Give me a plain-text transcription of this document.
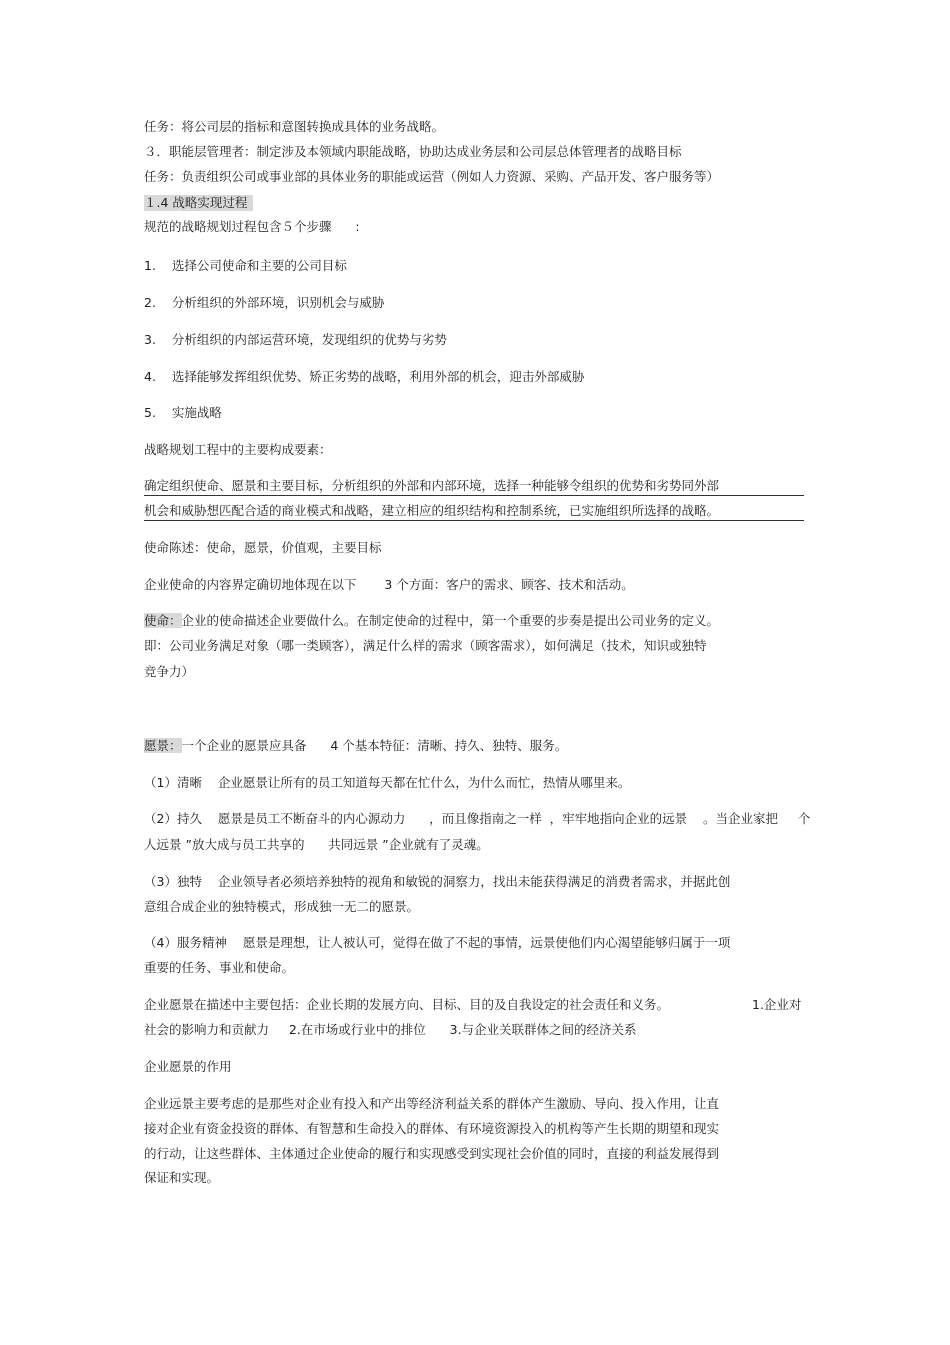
任务：将公司层的指标和意图转换成具体的业务战略。
３．职能层管理者：制定涉及本领域内职能战略，协助达成业务层和公司层总体管理者的战略目标
任务：负责组织公司或事业部的具体业务的职能或运营（例如人力资源、采购、产品开发、客户服务等）
１.4 战略实现过程
规范的战略规划过程包含５个步骤      :
1.    选择公司使命和主要的公司目标
2.    分析组织的外部环境，识别机会与威胁
3.    分析组织的内部运营环境，发现组织的优势与劣势
4.    选择能够发挥组织优势、矫正劣势的战略，利用外部的机会，迎击外部威胁
5.    实施战略
战略规划工程中的主要构成要素：
确定组织使命、愿景和主要目标，分析组织的外部和内部环境，选择一种能够令组织的优势和劣势同外部
机会和威胁想匹配合适的商业模式和战略，建立相应的组织结构和控制系统，已实施组织所选择的战略。
使命陈述：使命，愿景，价值观，主要目标
企业使命的内容界定确切地体现在以下       3 个方面：客户的需求、顾客、技术和活动。
使命：企业的使命描述企业要做什么。在制定使命的过程中，第一个重要的步奏是提出公司业务的定义。
即：公司业务满足对象（哪一类顾客），满足什么样的需求（顾客需求），如何满足（技术，知识或独特
竞争力）
愿景：一个企业的愿景应具备      4 个基本特征：清晰、持久、独特、服务。
（1）清晰    企业愿景让所有的员工知道每天都在忙什么，为什么而忙，热情从哪里来。
（2）持久    愿景是员工不断奋斗的内心源动力      ，而且像指南之一样  ，牢牢地指向企业的远景    。当企业家把     个
人远景 ”放大成与员工共享的      共同远景 ”企业就有了灵魂。
（3）独特    企业领导者必须培养独特的视角和敏锐的洞察力，找出未能获得满足的消费者需求，并据此创
意组合成企业的独特模式，形成独一无二的愿景。
（4）服务精神    愿景是理想，让人被认可，觉得在做了不起的事情，远景使他们内心渴望能够归属于一项
重要的任务、事业和使命。
企业愿景在描述中主要包括：企业长期的发展方向、目标、目的及自我设定的社会责任和义务。	1.企业对
社会的影响力和贡献力     2.在市场或行业中的排位      3.与企业关联群体之间的经济关系
企业愿景的作用
企业远景主要考虑的是那些对企业有投入和产出等经济利益关系的群体产生激励、导向、投入作用，让直
接对企业有资金投资的群体、有智慧和生命投入的群体、有环境资源投入的机构等产生长期的期望和现实
的行动，让这些群体、主体通过企业使命的履行和实现感受到实现社会价值的同时，直接的利益发展得到
保证和实现。
